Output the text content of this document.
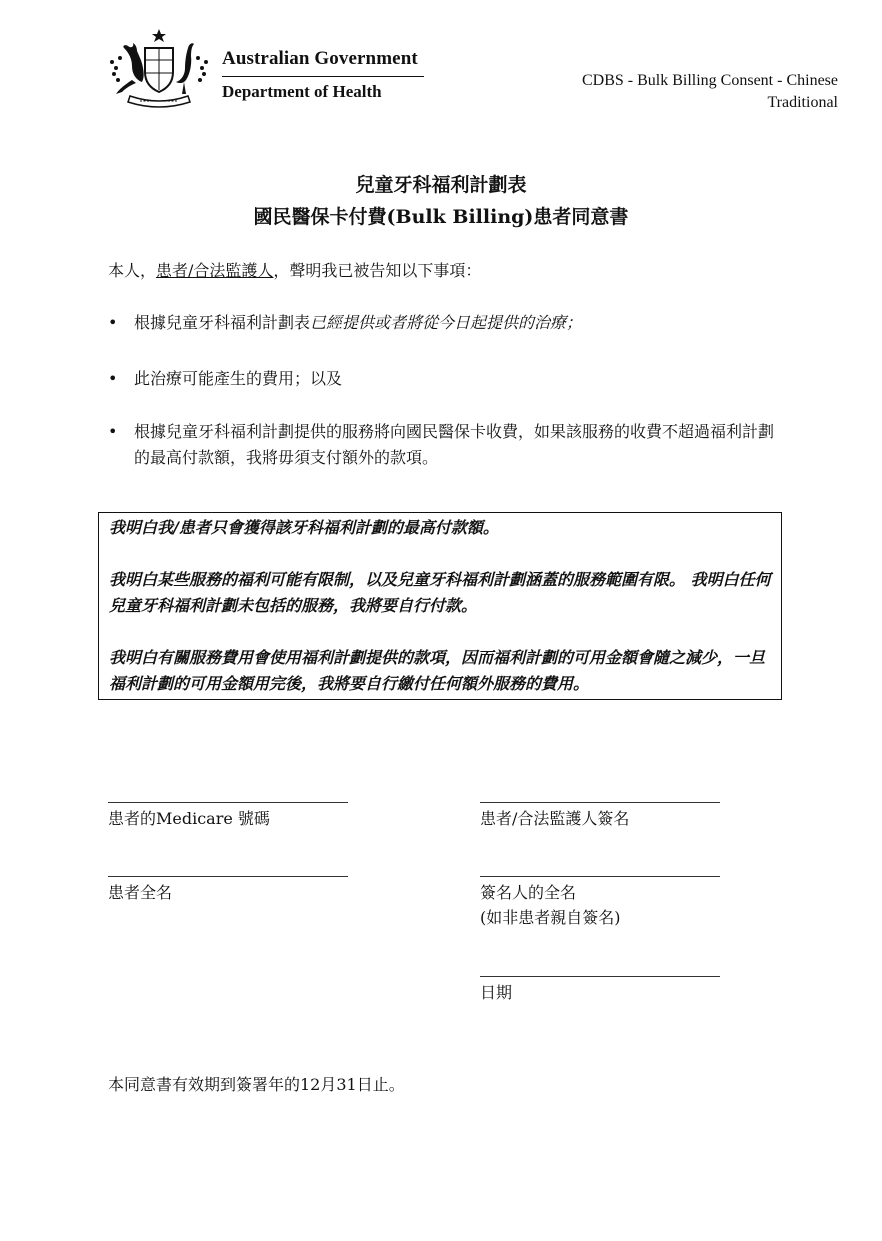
Australian Government
Department of Health
CDBS - Bulk Billing Consent - Chinese
Traditional
兒童牙科福利計劃表
國民醫保卡付費(Bulk Billing)患者同意書
本人，患者/合法監護人，聲明我已被告知以下事項：
•	根據兒童牙科福利計劃表已經提供或者將從今日起提供的治療；
•	此治療可能產生的費用；以及
•	根據兒童牙科福利計劃提供的服務將向國民醫保卡收費，如果該服務的收費不超過福利計劃的最高付款額，我將毋須支付額外的款項。
我明白我/患者只會獲得該牙科福利計劃的最高付款額。
我明白某些服務的福利可能有限制，以及兒童牙科福利計劃涵蓋的服務範圍有限。 我明白任何兒童牙科福利計劃未包括的服務，我將要自行付款。
我明白有關服務費用會使用福利計劃提供的款項，因而福利計劃的可用金額會隨之減少，一旦福利計劃的可用金額用完後，我將要自行繳付任何額外服務的費用。
患者的Medicare 號碼	患者/合法監護人簽名
患者全名	簽名人的全名
(如非患者親自簽名)
日期
本同意書有效期到簽署年的12月31日止。
